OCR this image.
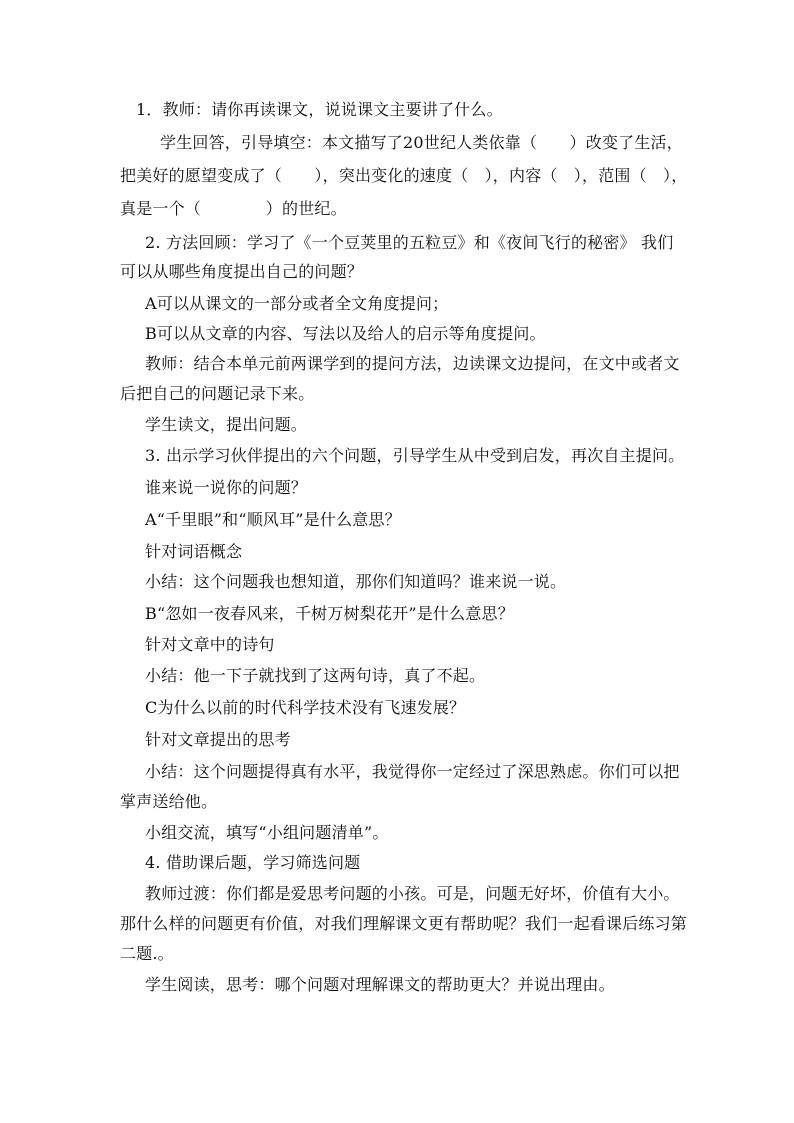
1．教师：请你再读课文，说说课文主要讲了什么。
学生回答，引导填空：本文描写了20世纪人类依靠（　　）改变了生活，
把美好的愿望变成了（　　），突出变化的速度（　），内容（　），范围（　），
真是一个（　　　　）的世纪。
2. 方法回顾：学习了《一个豆荚里的五粒豆》和《夜间飞行的秘密》 我们
可以从哪些角度提出自己的问题？
A可以从课文的一部分或者全文角度提问；
B可以从文章的内容、写法以及给人的启示等角度提问。
教师：结合本单元前两课学到的提问方法，边读课文边提问，在文中或者文
后把自己的问题记录下来。
学生读文，提出问题。
3. 出示学习伙伴提出的六个问题，引导学生从中受到启发，再次自主提问。
谁来说一说你的问题？
A“千里眼”和“顺风耳”是什么意思？
针对词语概念
小结：这个问题我也想知道，那你们知道吗？谁来说一说。
B“忽如一夜春风来，千树万树梨花开”是什么意思？
针对文章中的诗句
小结：他一下子就找到了这两句诗，真了不起。
C为什么以前的时代科学技术没有飞速发展？
针对文章提出的思考
小结：这个问题提得真有水平，我觉得你一定经过了深思熟虑。你们可以把
掌声送给他。
小组交流，填写“小组问题清单”。
4. 借助课后题，学习筛选问题
教师过渡：你们都是爱思考问题的小孩。可是，问题无好坏，价值有大小。
那什么样的问题更有价值，对我们理解课文更有帮助呢？我们一起看课后练习第
二题.。
学生阅读，思考：哪个问题对理解课文的帮助更大？并说出理由。
